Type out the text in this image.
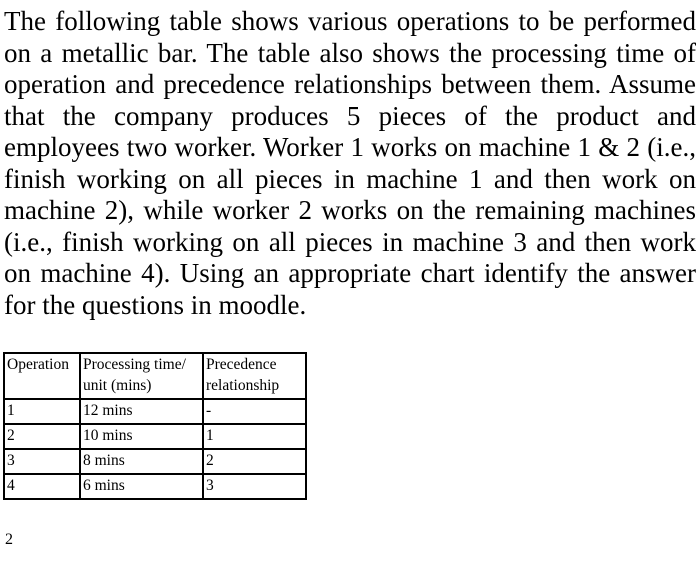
The following table shows various operations to be performed on a metallic bar. The table also shows the processing time of operation and precedence relationships between them. Assume that the company produces 5 pieces of the product and employees two worker. Worker 1 works on machine 1 & 2 (i.e., finish working on all pieces in machine 1 and then work on machine 2), while worker 2 works on the remaining machines (i.e., finish working on all pieces in machine 3 and then work on machine 4). Using an appropriate chart identify the answer for the questions in moodle.

Operation	Processing time/ unit (mins)	Precedence relationship
1	12 mins	-
2	10 mins	1
3	8 mins	2
4	6 mins	3
2
